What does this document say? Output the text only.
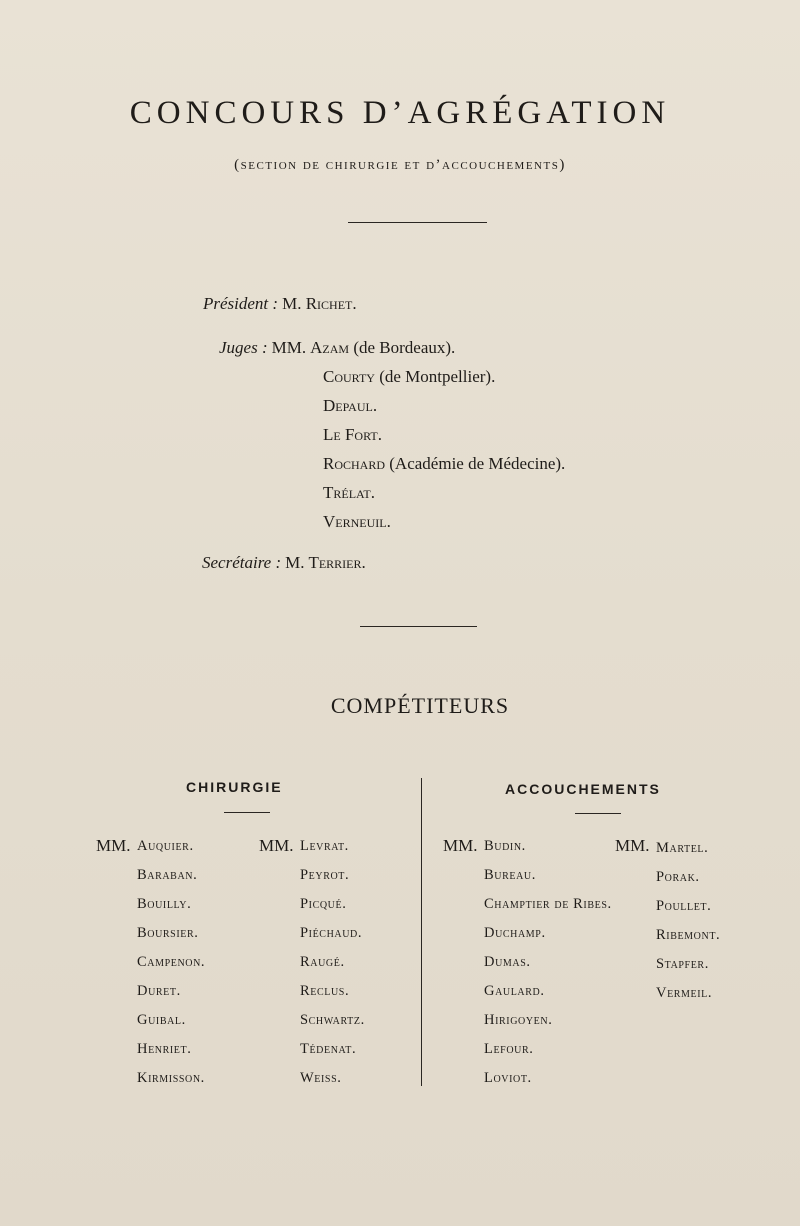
CONCOURS D’AGRÉGATION
(section de chirurgie et d’accouchements)
Président : M. Richet.
Juges : MM. Azam (de Bordeaux).
Courty (de Montpellier).
Depaul.
Le Fort.
Rochard (Académie de Médecine).
Trélat.
Verneuil.
Secrétaire : M. Terrier.
COMPÉTITEURS
CHIRURGIE	ACCOUCHEMENTS
MM.	MM.	MM.	MM.
Auquier.
Baraban.
Bouilly.
Boursier.
Campenon.
Duret.
Guibal.
Henriet.
Kirmisson.
Levrat.
Peyrot.
Picqué.
Piéchaud.
Raugé.
Reclus.
Schwartz.
Tédenat.
Weiss.
Budin.
Bureau.
Champtier de Ribes.
Duchamp.
Dumas.
Gaulard.
Hirigoyen.
Lefour.
Loviot.
Martel.
Porak.
Poullet.
Ribemont.
Stapfer.
Vermeil.
